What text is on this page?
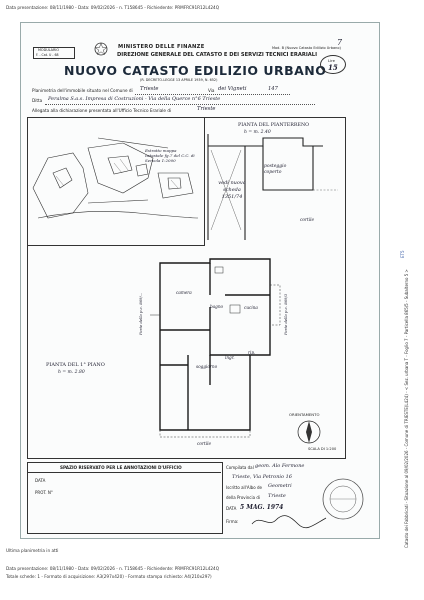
Data presentazione: 08/11/1980 - Data: 09/02/2026 - n. T158645 - Richiedente: PRMFRC91R12L424Q
Catasto dei Fabbricati - Situazione al 09/02/2026 - Comune di TRIESTE(L424) - < Sez. urbana T - Foglio 7 - Particella 865/5 - Subalterno 5 >
ET5
7
MODULARIO
F. - Cat. U - 68
MINISTERO DELLE FINANZE
DIREZIONE GENERALE DEL CATASTO E DEI SERVIZI TECNICI ERARIALI
Mod. B (Nuovo Catasto Edilizio Urbano)
NUOVO CATASTO EDILIZIO URBANO
(R. DECRETO-LEGGE 13 APRILE 1939, N. 652)
Lire
15
Planimetria dell'immobile situato nel Comune di Trieste	Via dei Vigneti	147
Ditta Peralma S.a.s. Impresa di Costruzioni - Via della Querce n°6 Trieste
Allegata alla dichiarazione presentata all'Ufficio Tecnico Erariale di	Trieste
Estratto mappa catastale fg.7 del C.C. di Servola 1:2000
PIANTA DEL PIANTERRENO
h = m. 2.40
vedi nuova scheda 1351/74
posteggio coperto
cortile
bagno	cucina
camera
soggiorno
ingr.
rip.
Parte della p.c. 869/...	Parte della p.c. 869/3
PIANTA DEL 1° PIANO
h = m. 2.80
cortile
ORIENTAMENTO
SCALA DI 1:200
SPAZIO RISERVATO PER LE ANNOTAZIONI D'UFFICIO
DATA
PROT. N°
Compilata dal geom. Alo Fermone
Trieste, Via Petronio 16
Iscritto all'Albo de Geometri
della Provincia di Trieste
DATA 5 MAG. 1974
Firma:
Ultima planimetria in atti
Data presentazione: 08/11/1980 - Data: 09/02/2026 - n. T158645 - Richiedente: PRMFRC91R12L424Q
Totale schede: 1 - Formato di acquisizione: A3(297x420) - Formato stampa richiesto: A4(210x297)
